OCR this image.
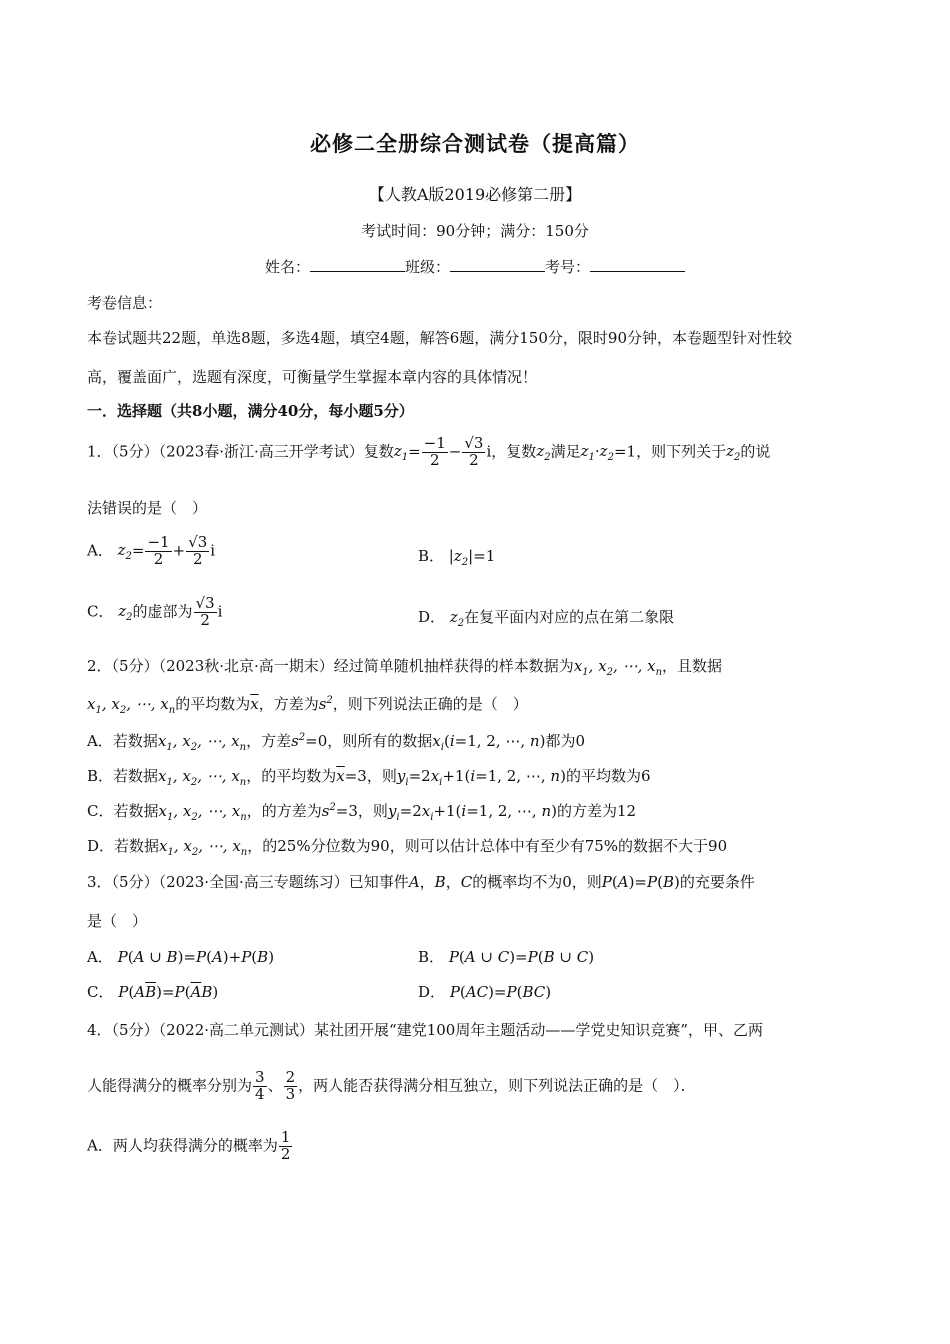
必修二全册综合测试卷（提高篇）
【人教A版2019必修第二册】
考试时间：90分钟；满分：150分
姓名：	班级：	考号：
考卷信息：
本卷试题共22题，单选8题，多选4题，填空4题，解答6题，满分150分，限时90分钟，本卷题型针对性较
高，覆盖面广，选题有深度，可衡量学生掌握本章内容的具体情况！
一．选择题（共8小题，满分40分，每小题5分）
1．（5分）（2023春·浙江·高三开学考试）复数$z_1= \frac{-1}{2} - \frac{√3}{2}$ i，复数$z_2$满足$z_1\cdot z_2=1$，则下列关于$z_2$的说
法错误的是（　）
A． $z_2= \frac{-1}{2} + \frac{√3}{2}$ i	B． $|z_2|=1$
C． $z_2$的虚部为 $\frac{√3}{2}$ i	D． $z_2$在复平面内对应的点在第二象限
2．（5分）（2023秋·北京·高一期末）经过简单随机抽样获得的样本数据为$x_1$, $x_2$, ⋯, $x_n$，且数据
$x_1$, $x_2$, ⋯, $x_n$的平均数为$\overline{x}$，方差为$s^2$，则下列说法正确的是（　）
A．若数据$x_1$, $x_2$, ⋯, $x_n$，方差$s^2=0$，则所有的数据$x_i(i=1$, 2, ⋯, n)都为0
B．若数据$x_1$, $x_2$, ⋯, $x_n$，的平均数为$\overline{x}=3$，则$y_i=2x_i+1(i=1$, 2, ⋯, n)的平均数为6
C．若数据$x_1$, $x_2$, ⋯, $x_n$，的方差为$s^2=3$，则$y_i=2x_i+1(i=1$, 2, ⋯, n)的方差为12
D．若数据$x_1$, $x_2$, ⋯, $x_n$，的25%分位数为90，则可以估计总体中有至少有75%的数据不大于90
3．（5分）（2023·全国·高三专题练习）已知事件A，B，C的概率均不为0，则P(A)=P(B)的充要条件
是（　）
A． P(A ∪ B)=P(A)+P(B)	B． P(A ∪ C)=P(B ∪ C)
C． $P(A\overline{B})=P(\overline{A}B)$	D． P(AC)=P(BC)
4．（5分）（2022·高二单元测试）某社团开展“建党100周年主题活动——学党史知识竞赛”，甲、乙两
人能得满分的概率分别为 $\frac{3}{4}$ 、 $\frac{2}{3}$ ，两人能否获得满分相互独立，则下列说法正确的是（　）．
A．两人均获得满分的概率为 $\frac{1}{2}$
